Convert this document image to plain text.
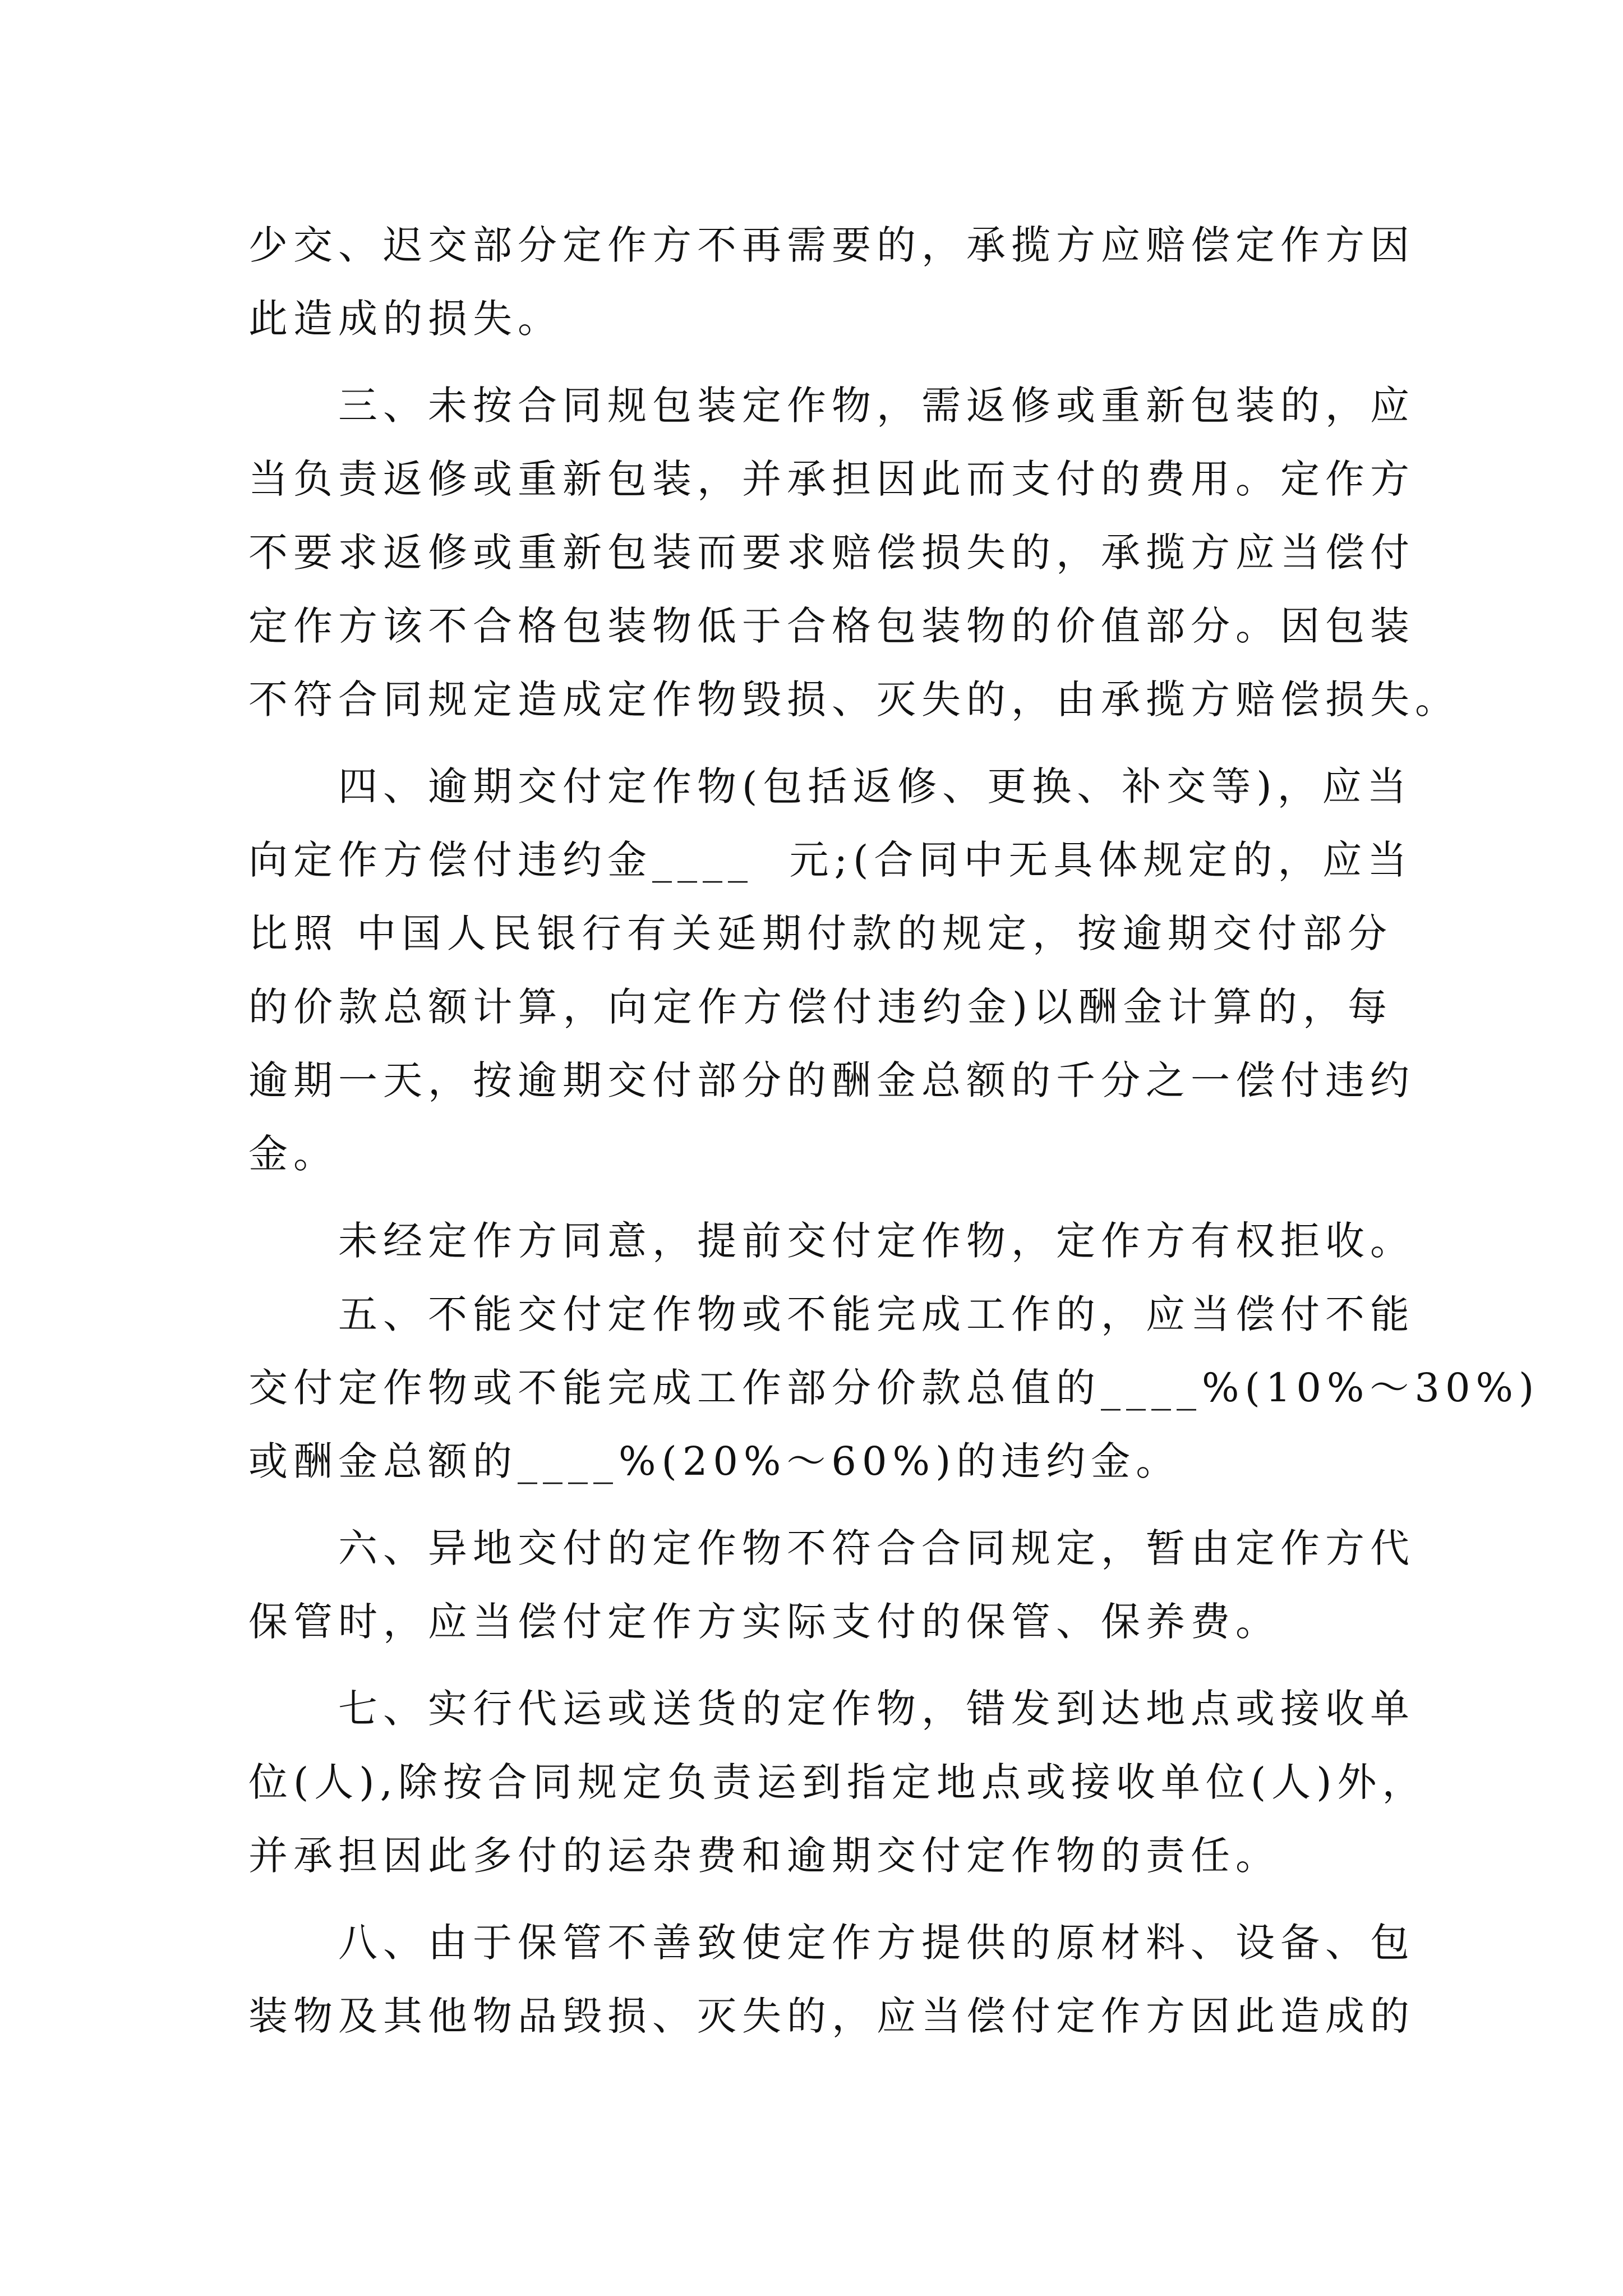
少交、迟交部分定作方不再需要的，承揽方应赔偿定作方因
此造成的损失。
三、未按合同规包装定作物，需返修或重新包装的，应
当负责返修或重新包装，并承担因此而支付的费用。定作方
不要求返修或重新包装而要求赔偿损失的，承揽方应当偿付
定作方该不合格包装物低于合格包装物的价值部分。因包装
不符合同规定造成定作物毁损、灭失的，由承揽方赔偿损失。
四、逾期交付定作物(包括返修、更换、补交等)，应当
向定作方偿付违约金____  元;(合同中无具体规定的，应当
比照 中国人民银行有关延期付款的规定，按逾期交付部分
的价款总额计算，向定作方偿付违约金)以酬金计算的，每
逾期一天，按逾期交付部分的酬金总额的千分之一偿付违约
金。
未经定作方同意，提前交付定作物，定作方有权拒收。
五、不能交付定作物或不能完成工作的，应当偿付不能
交付定作物或不能完成工作部分价款总值的____%(10%～30%)
或酬金总额的____%(20%～60%)的违约金。
六、异地交付的定作物不符合合同规定，暂由定作方代
保管时，应当偿付定作方实际支付的保管、保养费。
七、实行代运或送货的定作物，错发到达地点或接收单
位(人),除按合同规定负责运到指定地点或接收单位(人)外，
并承担因此多付的运杂费和逾期交付定作物的责任。
八、由于保管不善致使定作方提供的原材料、设备、包
装物及其他物品毁损、灭失的，应当偿付定作方因此造成的
